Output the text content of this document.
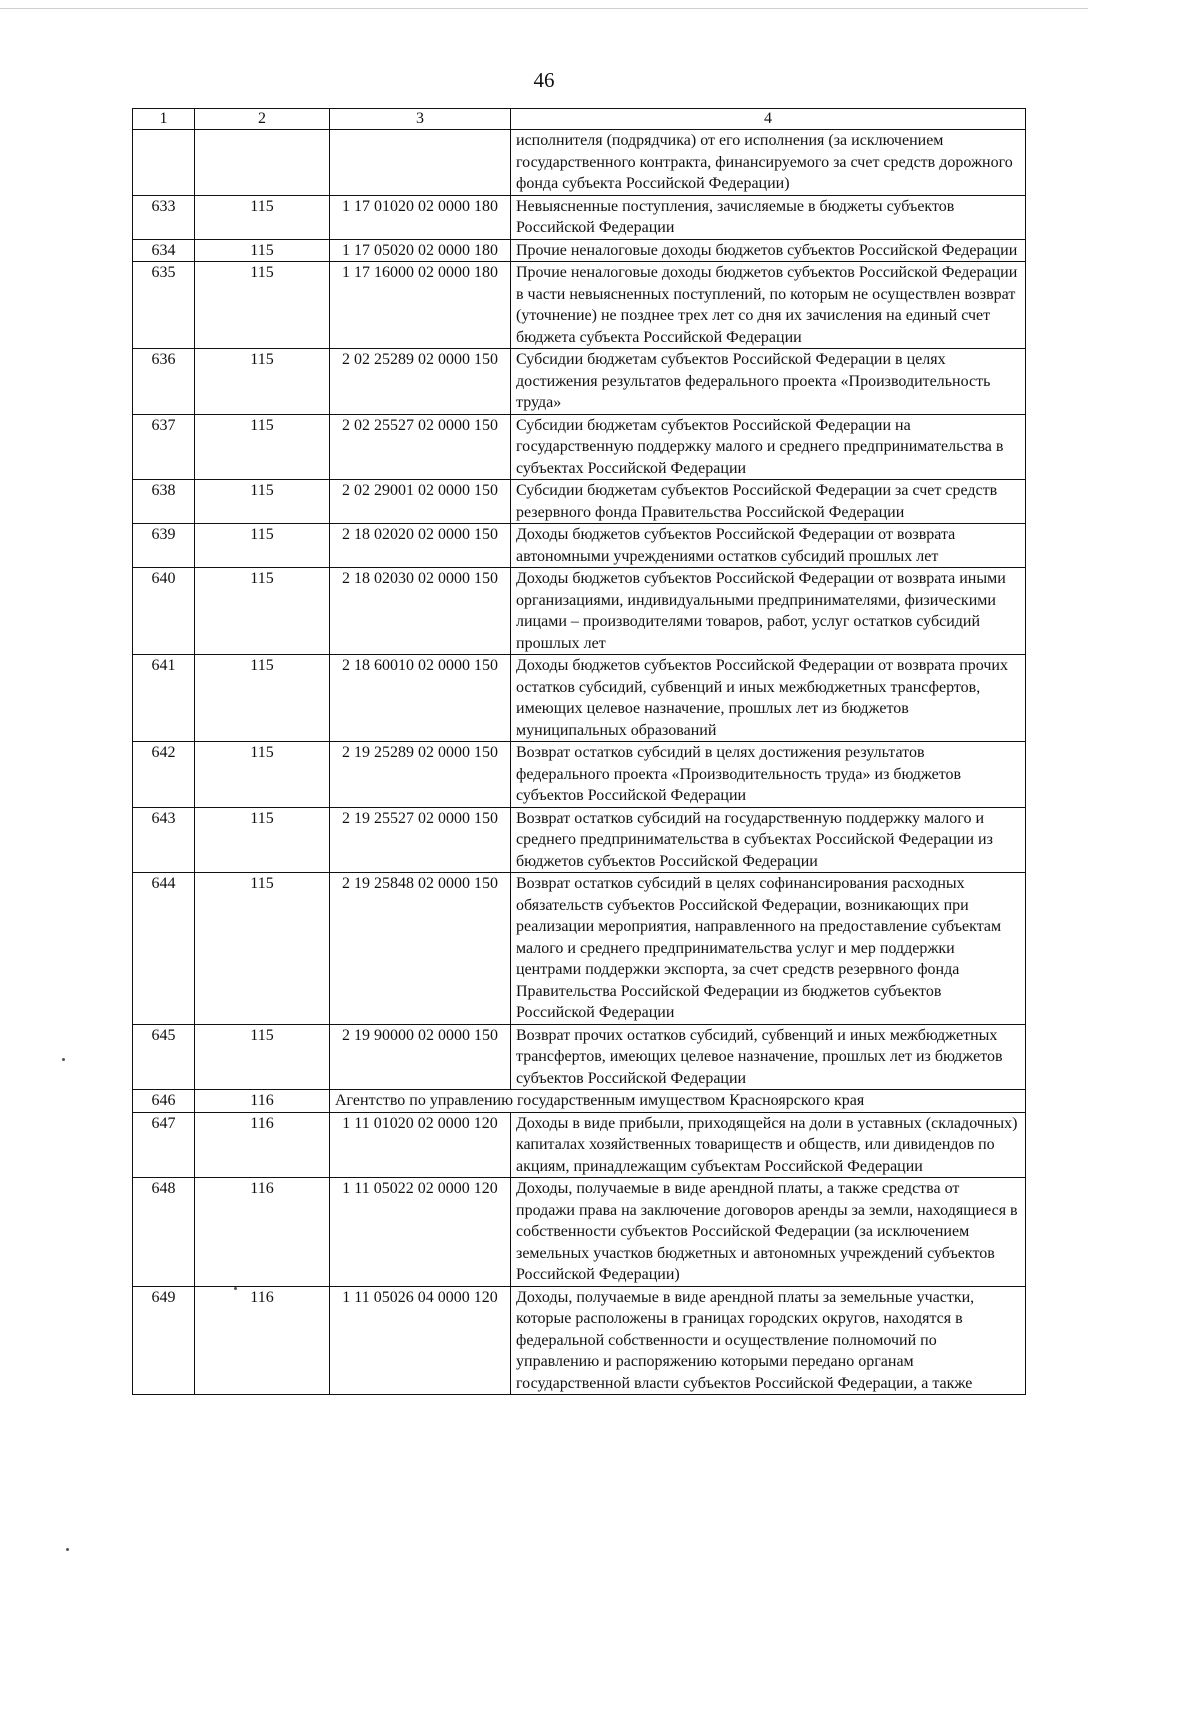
46
1	2	3	4
			исполнителя (подрядчика) от его исполнения (за исключением государственного контракта, финансируемого за счет средств дорожного фонда субъекта Российской Федерации)
633	115	1 17 01020 02 0000 180	Невыясненные поступления, зачисляемые в бюджеты субъектов Российской Федерации
634	115	1 17 05020 02 0000 180	Прочие неналоговые доходы бюджетов субъектов Российской Федерации
635	115	1 17 16000 02 0000 180	Прочие неналоговые доходы бюджетов субъектов Российской Федерации в части невыясненных поступлений, по которым не осуществлен возврат (уточнение) не позднее трех лет со дня их зачисления на единый счет бюджета субъекта Российской Федерации
636	115	2 02 25289 02 0000 150	Субсидии бюджетам субъектов Российской Федерации в целях достижения результатов федерального проекта «Производительность труда»
637	115	2 02 25527 02 0000 150	Субсидии бюджетам субъектов Российской Федерации на государственную поддержку малого и среднего предпринимательства в субъектах Российской Федерации
638	115	2 02 29001 02 0000 150	Субсидии бюджетам субъектов Российской Федерации за счет средств резервного фонда Правительства Российской Федерации
639	115	2 18 02020 02 0000 150	Доходы бюджетов субъектов Российской Федерации от возврата автономными учреждениями остатков субсидий прошлых лет
640	115	2 18 02030 02 0000 150	Доходы бюджетов субъектов Российской Федерации от возврата иными организациями, индивидуальными предпринимателями, физическими лицами – производителями товаров, работ, услуг остатков субсидий прошлых лет
641	115	2 18 60010 02 0000 150	Доходы бюджетов субъектов Российской Федерации от возврата прочих остатков субсидий, субвенций и иных межбюджетных трансфертов, имеющих целевое назначение, прошлых лет из бюджетов муниципальных образований
642	115	2 19 25289 02 0000 150	Возврат остатков субсидий в целях достижения результатов федерального проекта «Производительность труда» из бюджетов субъектов Российской Федерации
643	115	2 19 25527 02 0000 150	Возврат остатков субсидий на государственную поддержку малого и среднего предпринимательства в субъектах Российской Федерации из бюджетов субъектов Российской Федерации
644	115	2 19 25848 02 0000 150	Возврат остатков субсидий в целях софинансирования расходных обязательств субъектов Российской Федерации, возникающих при реализации мероприятия, направленного на предоставление субъектам малого и среднего предпринимательства услуг и мер поддержки центрами поддержки экспорта, за счет средств резервного фонда Правительства Российской Федерации из бюджетов субъектов Российской Федерации
645	115	2 19 90000 02 0000 150	Возврат прочих остатков субсидий, субвенций и иных межбюджетных трансфертов, имеющих целевое назначение, прошлых лет из бюджетов субъектов Российской Федерации
646	116	Агентство по управлению государственным имуществом Красноярского края	
647	116	1 11 01020 02 0000 120	Доходы в виде прибыли, приходящейся на доли в уставных (складочных) капиталах хозяйственных товариществ и обществ, или дивидендов по акциям, принадлежащим субъектам Российской Федерации
648	116	1 11 05022 02 0000 120	Доходы, получаемые в виде арендной платы, а также средства от продажи права на заключение договоров аренды за земли, находящиеся в собственности субъектов Российской Федерации (за исключением земельных участков бюджетных и автономных учреждений субъектов Российской Федерации)
649	116	1 11 05026 04 0000 120	Доходы, получаемые в виде арендной платы за земельные участки, которые расположены в границах городских округов, находятся в федеральной собственности и осуществление полномочий по управлению и распоряжению которыми передано органам государственной власти субъектов Российской Федерации, а также
